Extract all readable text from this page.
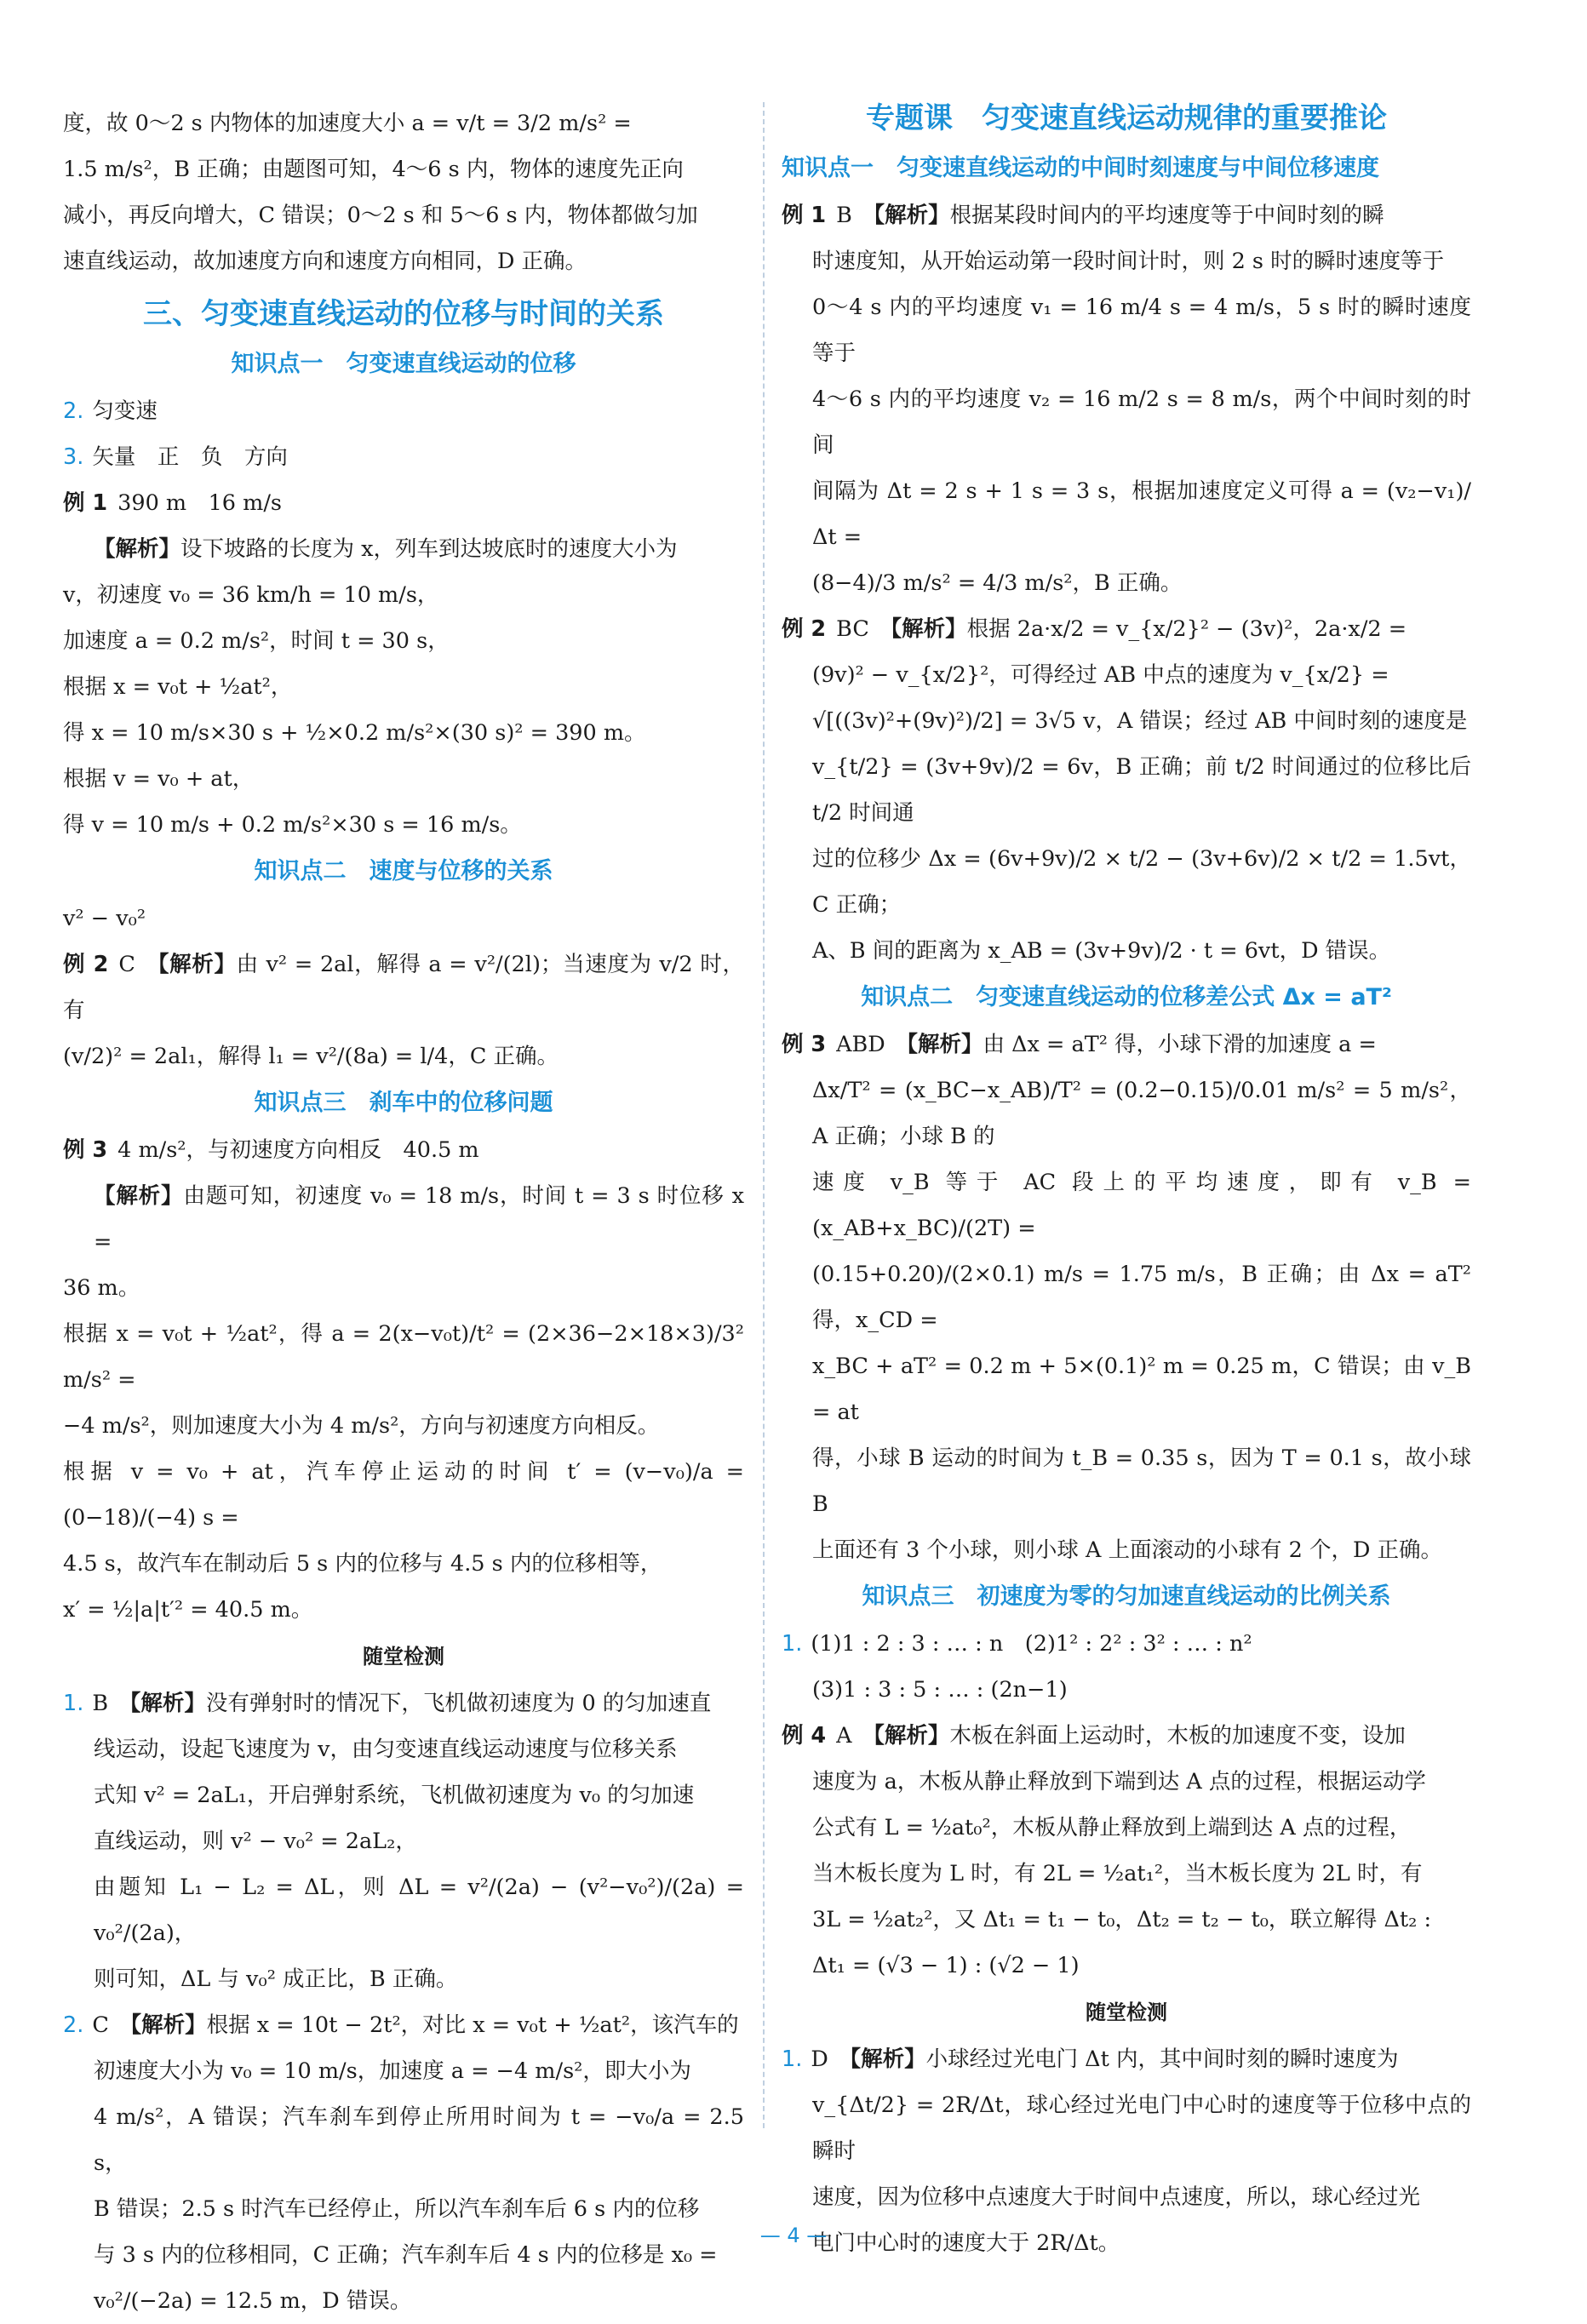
度，故 0～2 s 内物体的加速度大小 a = v/t = 3/2 m/s² =

1.5 m/s²，B 正确；由题图可知，4～6 s 内，物体的速度先正向

减小，再反向增大，C 错误；0～2 s 和 5～6 s 内，物体都做匀加

速直线运动，故加速度方向和速度方向相同，D 正确。

三、匀变速直线运动的位移与时间的关系
知识点一　匀变速直线运动的位移

2. 匀变速

3. 矢量　正　负　方向

例 1 390 m　16 m/s

【解析】设下坡路的长度为 x，列车到达坡底时的速度大小为

v，初速度 v₀ = 36 km/h = 10 m/s，

加速度 a = 0.2 m/s²，时间 t = 30 s，

根据 x = v₀t + ½at²，

得 x = 10 m/s×30 s + ½×0.2 m/s²×(30 s)² = 390 m。

根据 v = v₀ + at，

得 v = 10 m/s + 0.2 m/s²×30 s = 16 m/s。

知识点二　速度与位移的关系

v² − v₀²

例 2 C　 【解析】由 v² = 2al，解得 a = v²/(2l)；当速度为 v/2 时，有

(v/2)² = 2al₁，解得 l₁ = v²/(8a) = l/4，C 正确。

知识点三　刹车中的位移问题

例 3 4 m/s²，与初速度方向相反　40.5 m

【解析】由题可知，初速度 v₀ = 18 m/s，时间 t = 3 s 时位移 x =

36 m。

根据 x = v₀t + ½at²，得 a = 2(x−v₀t)/t² = (2×36−2×18×3)/3² m/s² =

−4 m/s²，则加速度大小为 4 m/s²，方向与初速度方向相反。

根据 v = v₀ + at，汽车停止运动的时间 t′ = (v−v₀)/a = (0−18)/(−4) s =

4.5 s，故汽车在制动后 5 s 内的位移与 4.5 s 内的位移相等，

x′ = ½|a|t′² = 40.5 m。

随堂检测

1. B　 【解析】没有弹射时的情况下，飞机做初速度为 0 的匀加速直

线运动，设起飞速度为 v，由匀变速直线运动速度与位移关系

式知 v² = 2aL₁，开启弹射系统，飞机做初速度为 v₀ 的匀加速

直线运动，则 v² − v₀² = 2aL₂，

由题知 L₁ − L₂ = ΔL，则 ΔL = v²/(2a) − (v²−v₀²)/(2a) = v₀²/(2a)，

则可知，ΔL 与 v₀² 成正比，B 正确。

2. C　 【解析】根据 x = 10t − 2t²，对比 x = v₀t + ½at²，该汽车的

初速度大小为 v₀ = 10 m/s，加速度 a = −4 m/s²，即大小为

4 m/s²，A 错误；汽车刹车到停止所用时间为 t = −v₀/a = 2.5 s，

B 错误；2.5 s 时汽车已经停止，所以汽车刹车后 6 s 内的位移

与 3 s 内的位移相同，C 正确；汽车刹车后 4 s 内的位移是 x₀ =

v₀²/(−2a) = 12.5 m，D 错误。

专题课　匀变速直线运动规律的重要推论
知识点一　匀变速直线运动的中间时刻速度与中间位移速度

例 1 B　 【解析】根据某段时间内的平均速度等于中间时刻的瞬

时速度知，从开始运动第一段时间计时，则 2 s 时的瞬时速度等于

0～4 s 内的平均速度 v₁ = 16 m/4 s = 4 m/s，5 s 时的瞬时速度等于

4～6 s 内的平均速度 v₂ = 16 m/2 s = 8 m/s，两个中间时刻的时间

间隔为 Δt = 2 s + 1 s = 3 s，根据加速度定义可得 a = (v₂−v₁)/Δt =

(8−4)/3 m/s² = 4/3 m/s²，B 正确。

例 2 BC　 【解析】根据 2a·x/2 = v_{x/2}² − (3v)²，2a·x/2 =

(9v)² − v_{x/2}²，可得经过 AB 中点的速度为 v_{x/2} =

√[((3v)²+(9v)²)/2] = 3√5 v，A 错误；经过 AB 中间时刻的速度是

v_{t/2} = (3v+9v)/2 = 6v，B 正确；前 t/2 时间通过的位移比后 t/2 时间通

过的位移少 Δx = (6v+9v)/2 × t/2 − (3v+6v)/2 × t/2 = 1.5vt，C 正确；

A、B 间的距离为 x_AB = (3v+9v)/2 · t = 6vt，D 错误。

知识点二　匀变速直线运动的位移差公式 Δx = aT²

例 3 ABD　 【解析】由 Δx = aT² 得，小球下滑的加速度 a =

Δx/T² = (x_BC−x_AB)/T² = (0.2−0.15)/0.01 m/s² = 5 m/s²，A 正确；小球 B 的

速度 v_B 等于 AC 段上的平均速度，即有 v_B = (x_AB+x_BC)/(2T) =

(0.15+0.20)/(2×0.1) m/s = 1.75 m/s，B 正确；由 Δx = aT² 得，x_CD =

x_BC + aT² = 0.2 m + 5×(0.1)² m = 0.25 m，C 错误；由 v_B = at

得，小球 B 运动的时间为 t_B = 0.35 s，因为 T = 0.1 s，故小球 B

上面还有 3 个小球，则小球 A 上面滚动的小球有 2 个，D 正确。

知识点三　初速度为零的匀加速直线运动的比例关系

1. (1)1 : 2 : 3 : … : n　(2)1² : 2² : 3² : … : n²

(3)1 : 3 : 5 : … : (2n−1)

例 4 A　 【解析】木板在斜面上运动时，木板的加速度不变，设加

速度为 a，木板从静止释放到下端到达 A 点的过程，根据运动学

公式有 L = ½at₀²，木板从静止释放到上端到达 A 点的过程，

当木板长度为 L 时，有 2L = ½at₁²，当木板长度为 2L 时，有

3L = ½at₂²，又 Δt₁ = t₁ − t₀，Δt₂ = t₂ − t₀，联立解得 Δt₂ :

Δt₁ = (√3 − 1) : (√2 − 1)

随堂检测

1. D　 【解析】小球经过光电门 Δt 内，其中间时刻的瞬时速度为

v_{Δt/2} = 2R/Δt，球心经过光电门中心时的速度等于位移中点的瞬时

速度，因为位移中点速度大于时间中点速度，所以，球心经过光

电门中心时的速度大于 2R/Δt。

— 4 —
